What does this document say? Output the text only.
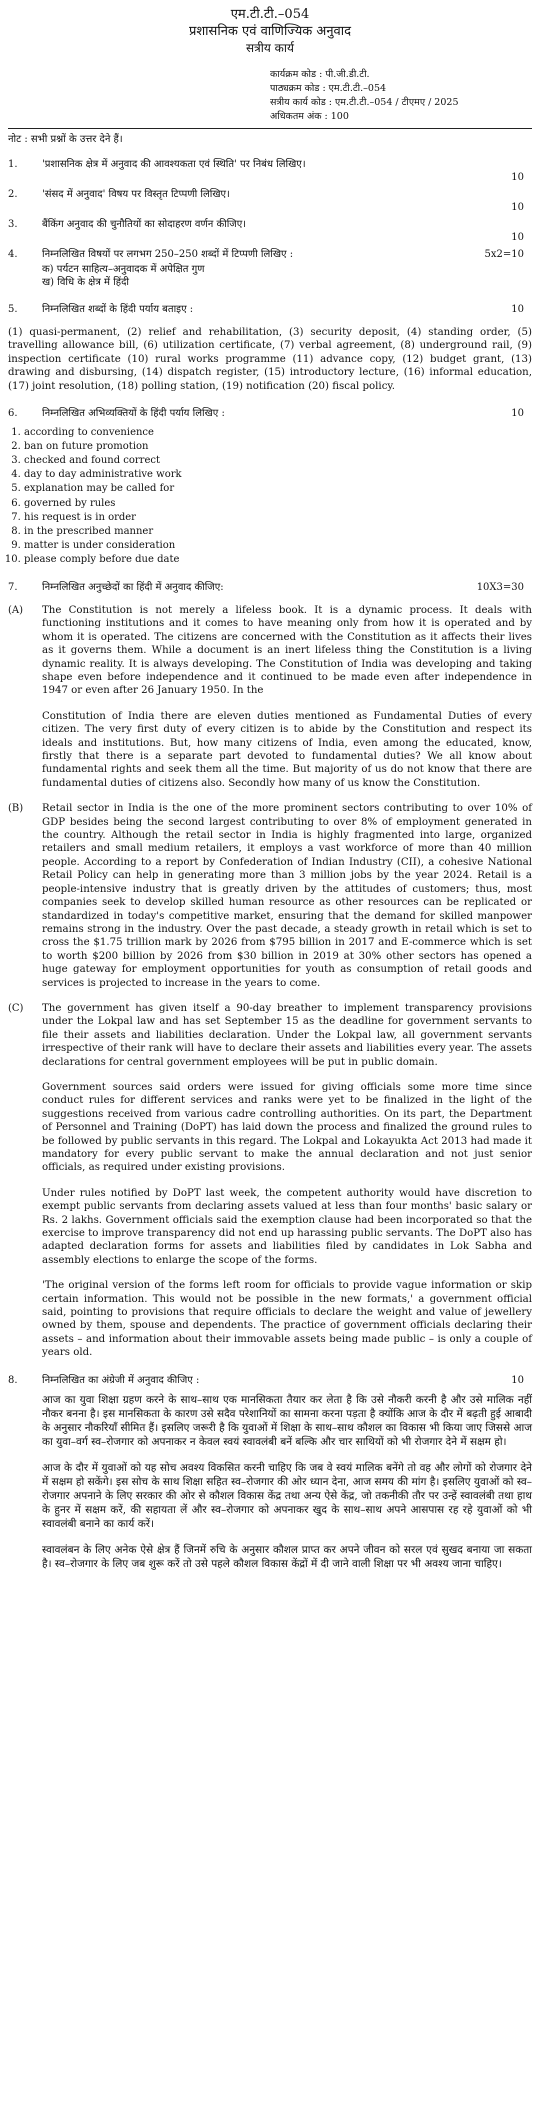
एम.टी.टी.–054
प्रशासनिक एवं वाणिज्यिक अनुवाद
सत्रीय कार्य
कार्यक्रम कोड : पी.जी.डी.टी.
पाठ्यक्रम कोड : एम.टी.टी.–054
सत्रीय कार्य कोड : एम.टी.टी.–054 / टीएमए / 2025
अधिकतम अंक : 100
नोट : सभी प्रश्नों के उत्तर देने हैं।
1. 'प्रशासनिक क्षेत्र में अनुवाद की आवश्यकता एवं स्थिति' पर निबंध लिखिए।
10
2. 'संसद में अनुवाद' विषय पर विस्तृत टिप्पणी लिखिए।
10
3. बैंकिंग अनुवाद की चुनौतियों का सोदाहरण वर्णन कीजिए।
10
4. निम्नलिखित विषयों पर लगभग 250–250 शब्दों में टिप्पणी लिखिए :	5x2=10
क) पर्यटन साहित्य–अनुवादक में अपेक्षित गुण
ख) विधि के क्षेत्र में हिंदी
5. निम्नलिखित शब्दों के हिंदी पर्याय बताइए :	10
(1) quasi-permanent, (2) relief and rehabilitation, (3) security deposit, (4) standing order, (5) travelling allowance bill, (6) utilization certificate, (7) verbal agreement, (8) underground rail, (9) inspection certificate (10) rural works programme (11) advance copy, (12) budget grant, (13) drawing and disbursing, (14) dispatch register, (15) introductory lecture, (16) informal education, (17) joint resolution, (18) polling station, (19) notification (20) fiscal policy.
6. निम्नलिखित अभिव्यक्तियों के हिंदी पर्याय लिखिए :	10
1. according to convenience
2. ban on future promotion
3. checked and found correct
4. day to day administrative work
5. explanation may be called for
6. governed by rules
7. his request is in order
8. in the prescribed manner
9. matter is under consideration
10. please comply before due date
7. निम्नलिखित अनुच्छेदों का हिंदी में अनुवाद कीजिए:	10X3=30
(A) The Constitution is not merely a lifeless book. It is a dynamic process. It deals with functioning institutions and it comes to have meaning only from how it is operated and by whom it is operated. The citizens are concerned with the Constitution as it affects their lives as it governs them. While a document is an inert lifeless thing the Constitution is a living dynamic reality. It is always developing. The Constitution of India was developing and taking shape even before independence and it continued to be made even after independence in 1947 or even after 26 January 1950. In the
Constitution of India there are eleven duties mentioned as Fundamental Duties of every citizen. The very first duty of every citizen is to abide by the Constitution and respect its ideals and institutions. But, how many citizens of India, even among the educated, know, firstly that there is a separate part devoted to fundamental duties? We all know about fundamental rights and seek them all the time. But majority of us do not know that there are fundamental duties of citizens also. Secondly how many of us know the Constitution.
(B) Retail sector in India is the one of the more prominent sectors contributing to over 10% of GDP besides being the second largest contributing to over 8% of employment generated in the country. Although the retail sector in India is highly fragmented into large, organized retailers and small medium retailers, it employs a vast workforce of more than 40 million people. According to a report by Confederation of Indian Industry (CII), a cohesive National Retail Policy can help in generating more than 3 million jobs by the year 2024. Retail is a people-intensive industry that is greatly driven by the attitudes of customers; thus, most companies seek to develop skilled human resource as other resources can be replicated or standardized in today's competitive market, ensuring that the demand for skilled manpower remains strong in the industry. Over the past decade, a steady growth in retail which is set to cross the $1.75 trillion mark by 2026 from $795 billion in 2017 and E-commerce which is set to worth $200 billion by 2026 from $30 billion in 2019 at 30% other sectors has opened a huge gateway for employment opportunities for youth as consumption of retail goods and services is projected to increase in the years to come.
(C) The government has given itself a 90-day breather to implement transparency provisions under the Lokpal law and has set September 15 as the deadline for government servants to file their assets and liabilities declaration. Under the Lokpal law, all government servants irrespective of their rank will have to declare their assets and liabilities every year. The assets declarations for central government employees will be put in public domain.
Government sources said orders were issued for giving officials some more time since conduct rules for different services and ranks were yet to be finalized in the light of the suggestions received from various cadre controlling authorities. On its part, the Department of Personnel and Training (DoPT) has laid down the process and finalized the ground rules to be followed by public servants in this regard. The Lokpal and Lokayukta Act 2013 had made it mandatory for every public servant to make the annual declaration and not just senior officials, as required under existing provisions.
Under rules notified by DoPT last week, the competent authority would have discretion to exempt public servants from declaring assets valued at less than four months' basic salary or Rs. 2 lakhs. Government officials said the exemption clause had been incorporated so that the exercise to improve transparency did not end up harassing public servants. The DoPT also has adapted declaration forms for assets and liabilities filed by candidates in Lok Sabha and assembly elections to enlarge the scope of the forms.
'The original version of the forms left room for officials to provide vague information or skip certain information. This would not be possible in the new formats,' a government official said, pointing to provisions that require officials to declare the weight and value of jewellery owned by them, spouse and dependents. The practice of government officials declaring their assets – and information about their immovable assets being made public – is only a couple of years old.
8. निम्नलिखित का अंग्रेजी में अनुवाद कीजिए :	10
आज का युवा शिक्षा ग्रहण करने के साथ–साथ एक मानसिकता तैयार कर लेता है कि उसे नौकरी करनी है और उसे मालिक नहीं नौकर बनना है। इस मानसिकता के कारण उसे सदैव परेशानियों का सामना करना पड़ता है क्योंकि आज के दौर में बढ़ती हुई आबादी के अनुसार नौकरियाँ सीमित हैं। इसलिए जरूरी है कि युवाओं में शिक्षा के साथ–साथ कौशल का विकास भी किया जाए जिससे आज का युवा–वर्ग स्व–रोजगार को अपनाकर न केवल स्वयं स्वावलंबी बनें बल्कि और चार साथियों को भी रोजगार देने में सक्षम हो।
आज के दौर में युवाओं को यह सोच अवश्य विकसित करनी चाहिए कि जब वे स्वयं मालिक बनेंगे तो वह और लोगों को रोजगार देने में सक्षम हो सकेंगे। इस सोच के साथ शिक्षा सहित स्व–रोजगार की ओर ध्यान देना, आज समय की मांग है। इसलिए युवाओं को स्व–रोजगार अपनाने के लिए सरकार की ओर से कौशल विकास केंद्र तथा अन्य ऐसे केंद्र, जो तकनीकी तौर पर उन्हें स्वावलंबी तथा हाथ के हुनर में सक्षम करें, की सहायता लें और स्व–रोजगार को अपनाकर खुद के साथ–साथ अपने आसपास रह रहे युवाओं को भी स्वावलंबी बनाने का कार्य करें।
स्वावलंबन के लिए अनेक ऐसे क्षेत्र हैं जिनमें रुचि के अनुसार कौशल प्राप्त कर अपने जीवन को सरल एवं सुखद बनाया जा सकता है। स्व–रोजगार के लिए जब शुरू करें तो उसे पहले कौशल विकास केंद्रों में दी जाने वाली शिक्षा पर भी अवश्य जाना चाहिए।
